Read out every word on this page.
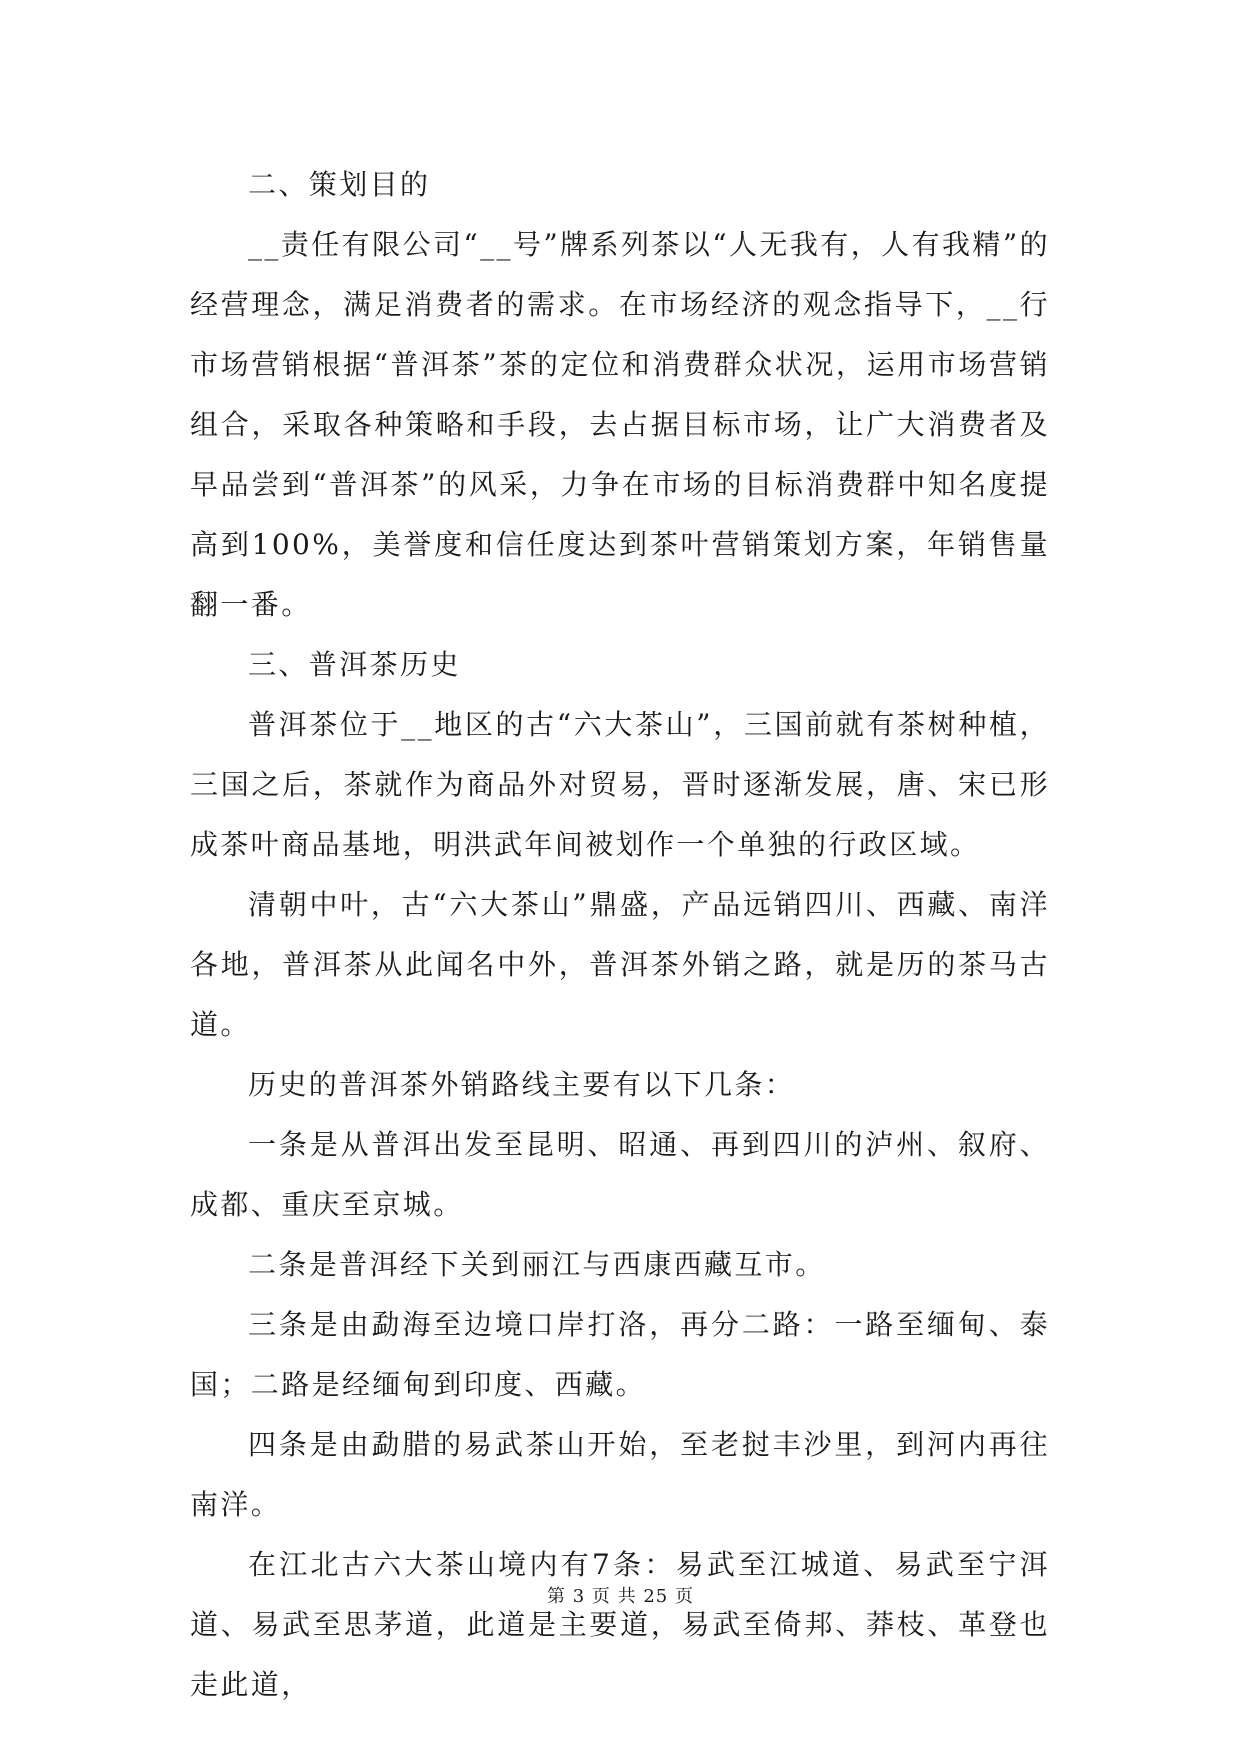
二、策划目的

__责任有限公司“__号”牌系列茶以“人无我有，人有我精”的经营理念，满足消费者的需求。在市场经济的观念指导下，__行市场营销根据“普洱茶”茶的定位和消费群众状况，运用市场营销组合，采取各种策略和手段，去占据目标市场，让广大消费者及早品尝到“普洱茶”的风采，力争在市场的目标消费群中知名度提高到100%，美誉度和信任度达到茶叶营销策划方案，年销售量翻一番。

三、普洱茶历史

普洱茶位于__地区的古“六大茶山”，三国前就有茶树种植，三国之后，茶就作为商品外对贸易，晋时逐渐发展，唐、宋已形成茶叶商品基地，明洪武年间被划作一个单独的行政区域。

清朝中叶，古“六大茶山”鼎盛，产品远销四川、西藏、南洋各地，普洱茶从此闻名中外，普洱茶外销之路，就是历的茶马古道。

历史的普洱茶外销路线主要有以下几条：

一条是从普洱出发至昆明、昭通、再到四川的泸州、叙府、成都、重庆至京城。

二条是普洱经下关到丽江与西康西藏互市。

三条是由勐海至边境口岸打洛，再分二路：一路至缅甸、泰国；二路是经缅甸到印度、西藏。

四条是由勐腊的易武茶山开始，至老挝丰沙里，到河内再往南洋。

在江北古六大茶山境内有7条：易武至江城道、易武至宁洱道、易武至思茅道，此道是主要道，易武至倚邦、莽枝、革登也走此道，

第 3 页 共 25 页
